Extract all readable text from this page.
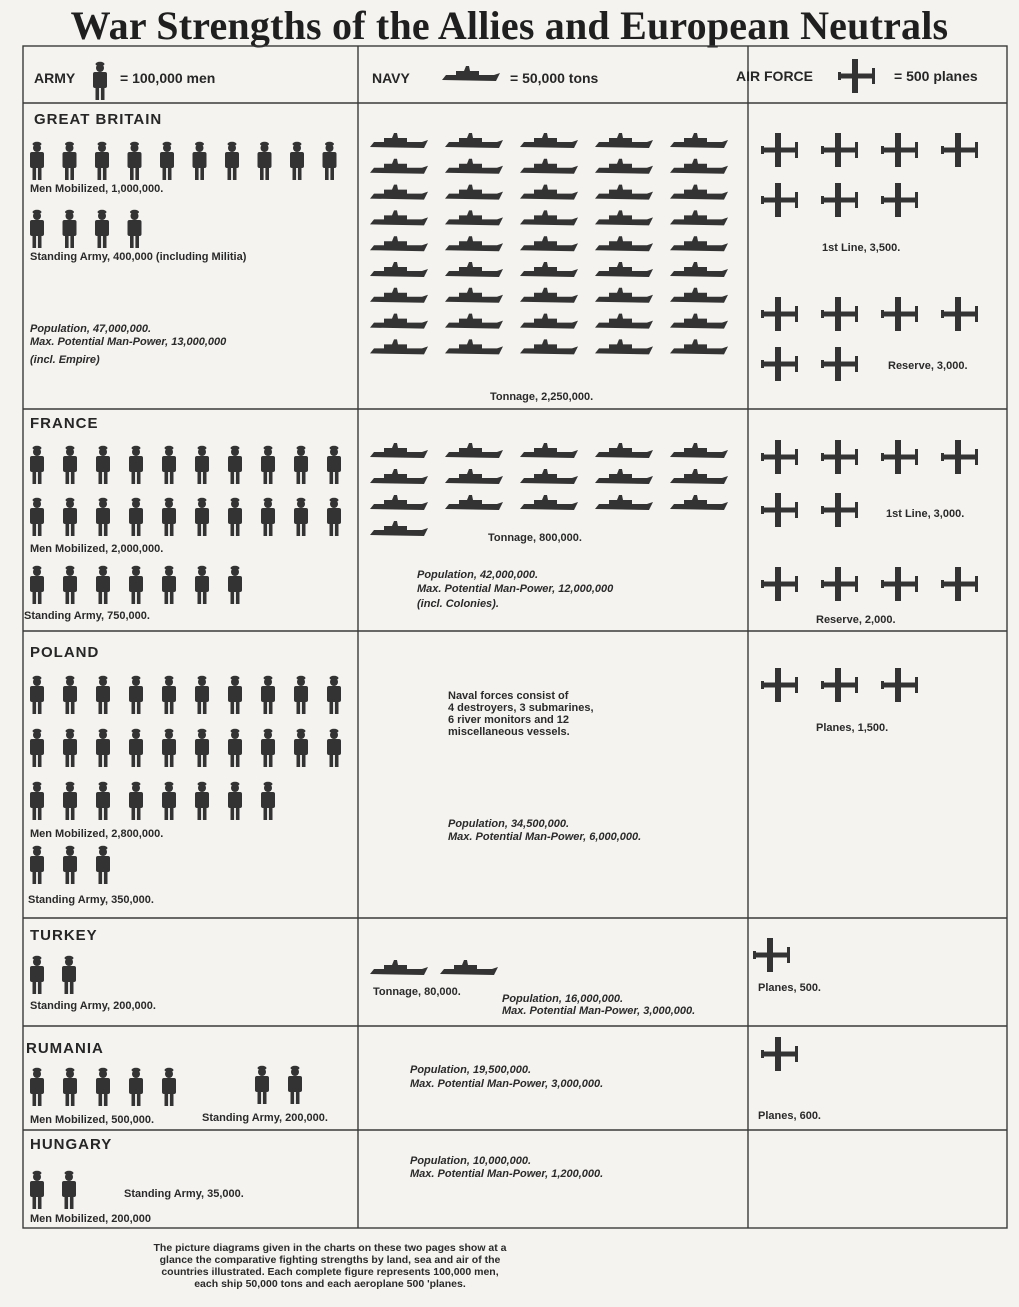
War Strengths of the Allies and European Neutrals
ARMY	= 100,000 men	NAVY	= 50,000 tons	AIR FORCE	= 500 planes
GREAT BRITAIN
Men Mobilized, 1,000,000.
Standing Army, 400,000 (including Militia)
Population, 47,000,000.
Max. Potential Man-Power, 13,000,000
(incl. Empire)
Tonnage, 2,250,000.
1st Line, 3,500.
Reserve, 3,000.
FRANCE
Men Mobilized, 2,000,000.
Standing Army, 750,000.
Tonnage, 800,000.
Population, 42,000,000.
Max. Potential Man-Power, 12,000,000
(incl. Colonies).
1st Line, 3,000.
Reserve, 2,000.
POLAND
Men Mobilized, 2,800,000.
Standing Army, 350,000.
Naval forces consist of
4 destroyers, 3 submarines,
6 river monitors and 12
miscellaneous vessels.
Population, 34,500,000.
Max. Potential Man-Power, 6,000,000.
Planes, 1,500.
TURKEY
Standing Army, 200,000.
Tonnage, 80,000.
Population, 16,000,000.
Max. Potential Man-Power, 3,000,000.
Planes, 500.
RUMANIA
Men Mobilized, 500,000.	Standing Army, 200,000.
Population, 19,500,000.
Max. Potential Man-Power, 3,000,000.
Planes, 600.
HUNGARY
Standing Army, 35,000.
Men Mobilized, 200,000
Population, 10,000,000.
Max. Potential Man-Power, 1,200,000.
The picture diagrams given in the charts on these two pages show at a
glance the comparative fighting strengths by land, sea and air of the
countries illustrated. Each complete figure represents 100,000 men,
each ship 50,000 tons and each aeroplane 500 'planes.
